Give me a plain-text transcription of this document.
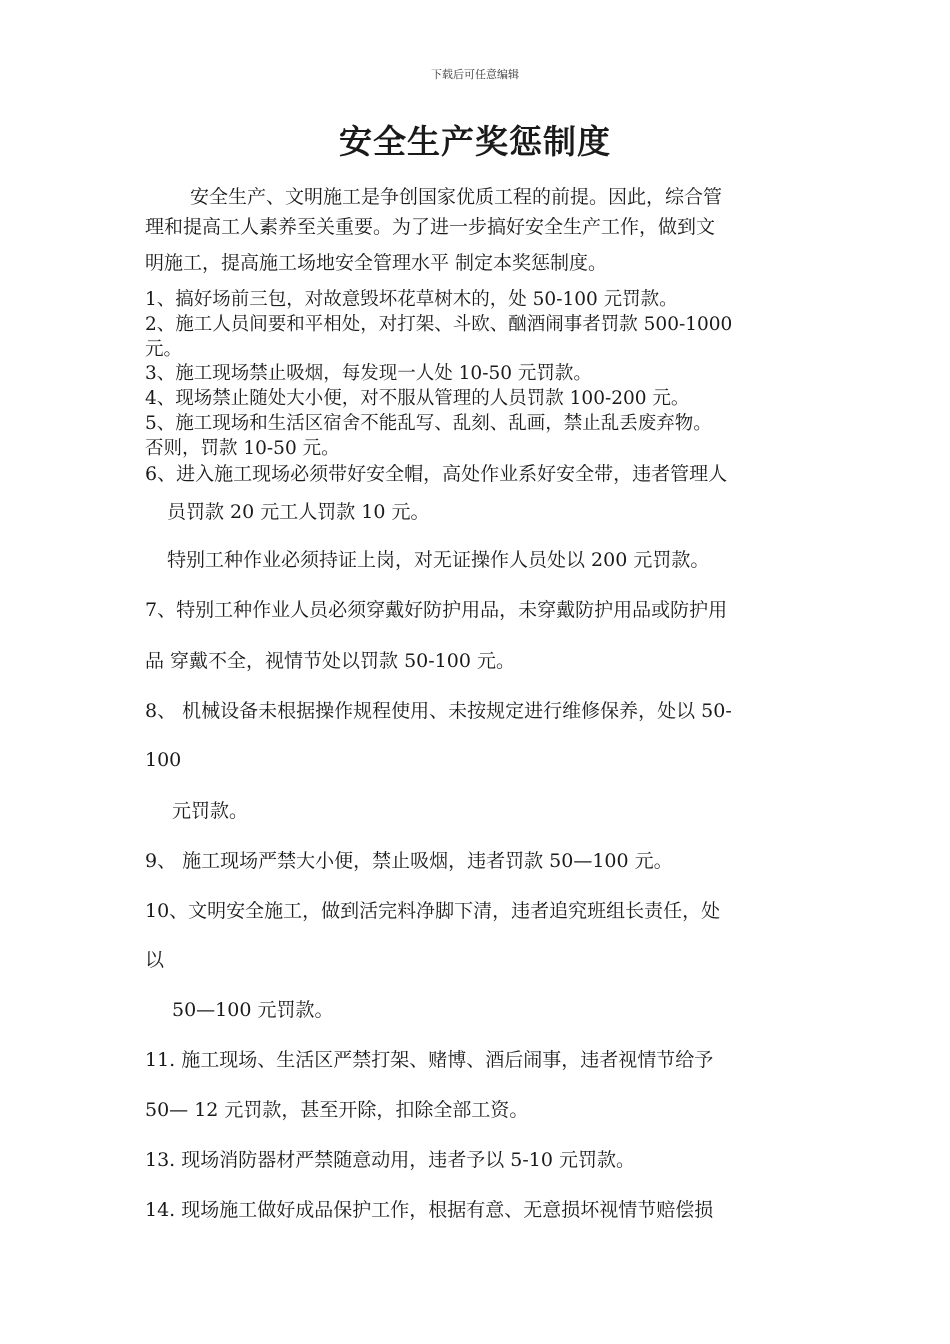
下载后可任意编辑
安全生产奖惩制度
安全生产、文明施工是争创国家优质工程的前提。因此，综合管
理和提高工人素养至关重要。为了进一步搞好安全生产工作，做到文
明施工，提高施工场地安全管理水平 制定本奖惩制度。
1、搞好场前三包，对故意毁坏花草树木的，处 50-100 元罚款。
2、施工人员间要和平相处，对打架、斗欧、酗酒闹事者罚款 500-1000
元。
3、施工现场禁止吸烟，每发现一人处 10-50 元罚款。
4、现场禁止随处大小便，对不服从管理的人员罚款 100-200 元。
5、施工现场和生活区宿舍不能乱写、乱刻、乱画，禁止乱丢废弃物。
否则，罚款 10-50 元。
6、进入施工现场必须带好安全帽，高处作业系好安全带，违者管理人
员罚款 20 元工人罚款 10 元。
特别工种作业必须持证上岗，对无证操作人员处以 200 元罚款。
7、特别工种作业人员必须穿戴好防护用品，未穿戴防护用品或防护用
品 穿戴不全，视情节处以罚款 50-100 元。
8、 机械设备未根据操作规程使用、未按规定进行维修保养，处以 50-
100
元罚款。
9、 施工现场严禁大小便，禁止吸烟，违者罚款 50—100 元。
10、文明安全施工，做到活完料净脚下清，违者追究班组长责任，处
以
50—100 元罚款。
11. 施工现场、生活区严禁打架、赌博、酒后闹事，违者视情节给予
50— 12 元罚款，甚至开除，扣除全部工资。
13. 现场消防器材严禁随意动用，违者予以 5-10 元罚款。
14. 现场施工做好成品保护工作，根据有意、无意损坏视情节赔偿损
